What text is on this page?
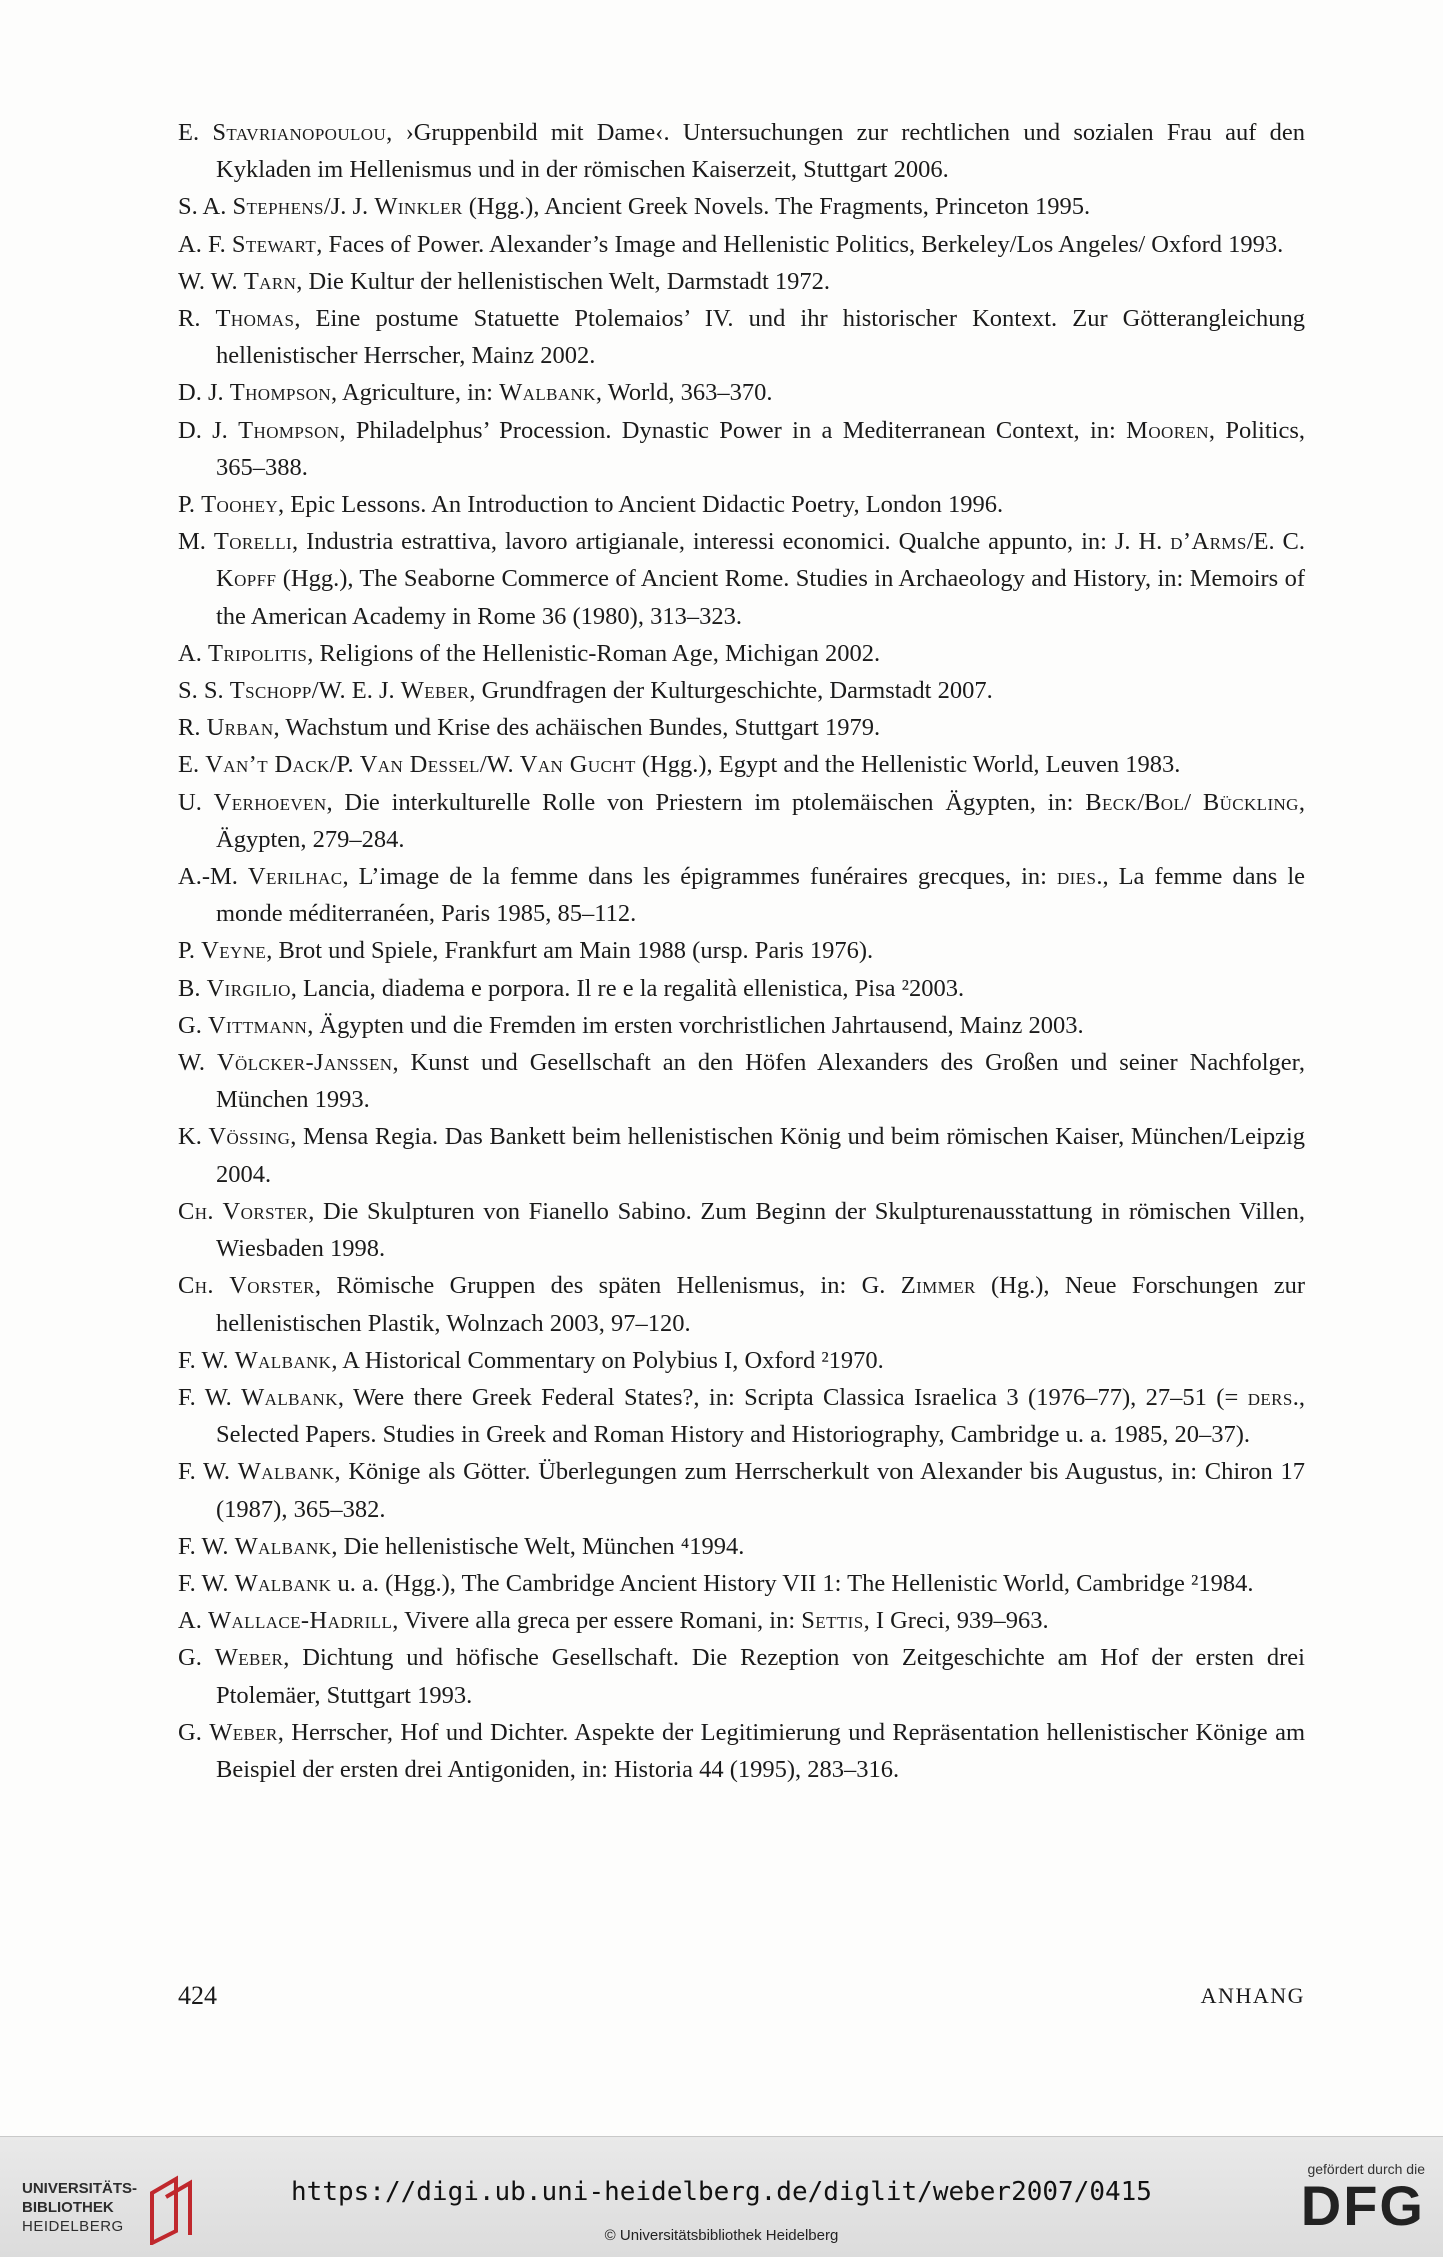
E. Stavrianopoulou, ›Gruppenbild mit Dame‹. Untersuchungen zur rechtlichen und sozialen Frau auf den Kykladen im Hellenismus und in der römischen Kaiserzeit, Stuttgart 2006.

S. A. Stephens/J. J. Winkler (Hgg.), Ancient Greek Novels. The Fragments, Princeton 1995.

A. F. Stewart, Faces of Power. Alexander’s Image and Hellenistic Politics, Berkeley/Los Angeles/ Oxford 1993.

W. W. Tarn, Die Kultur der hellenistischen Welt, Darmstadt 1972.

R. Thomas, Eine postume Statuette Ptolemaios’ IV. und ihr historischer Kontext. Zur Götterangleichung hellenistischer Herrscher, Mainz 2002.

D. J. Thompson, Agriculture, in: Walbank, World, 363–370.

D. J. Thompson, Philadelphus’ Procession. Dynastic Power in a Mediterranean Context, in: Mooren, Politics, 365–388.

P. Toohey, Epic Lessons. An Introduction to Ancient Didactic Poetry, London 1996.

M. Torelli, Industria estrattiva, lavoro artigianale, interessi economici. Qualche appunto, in: J. H. d’Arms/E. C. Kopff (Hgg.), The Seaborne Commerce of Ancient Rome. Studies in Archaeology and History, in: Memoirs of the American Academy in Rome 36 (1980), 313–323.

A. Tripolitis, Religions of the Hellenistic-Roman Age, Michigan 2002.

S. S. Tschopp/W. E. J. Weber, Grundfragen der Kulturgeschichte, Darmstadt 2007.

R. Urban, Wachstum und Krise des achäischen Bundes, Stuttgart 1979.

E. Van’t Dack/P. Van Dessel/W. Van Gucht (Hgg.), Egypt and the Hellenistic World, Leuven 1983.

U. Verhoeven, Die interkulturelle Rolle von Priestern im ptolemäischen Ägypten, in: Beck/Bol/ Bückling, Ägypten, 279–284.

A.-M. Verilhac, L’image de la femme dans les épigrammes funéraires grecques, in: dies., La femme dans le monde méditerranéen, Paris 1985, 85–112.

P. Veyne, Brot und Spiele, Frankfurt am Main 1988 (ursp. Paris 1976).

B. Virgilio, Lancia, diadema e porpora. Il re e la regalità ellenistica, Pisa ²2003.

G. Vittmann, Ägypten und die Fremden im ersten vorchristlichen Jahrtausend, Mainz 2003.

W. Völcker-Janssen, Kunst und Gesellschaft an den Höfen Alexanders des Großen und seiner Nachfolger, München 1993.

K. Vössing, Mensa Regia. Das Bankett beim hellenistischen König und beim römischen Kaiser, München/Leipzig 2004.

Ch. Vorster, Die Skulpturen von Fianello Sabino. Zum Beginn der Skulpturenausstattung in römischen Villen, Wiesbaden 1998.

Ch. Vorster, Römische Gruppen des späten Hellenismus, in: G. Zimmer (Hg.), Neue Forschungen zur hellenistischen Plastik, Wolnzach 2003, 97–120.

F. W. Walbank, A Historical Commentary on Polybius I, Oxford ²1970.

F. W. Walbank, Were there Greek Federal States?, in: Scripta Classica Israelica 3 (1976–77), 27–51 (= ders., Selected Papers. Studies in Greek and Roman History and Historiography, Cambridge u. a. 1985, 20–37).

F. W. Walbank, Könige als Götter. Überlegungen zum Herrscherkult von Alexander bis Augustus, in: Chiron 17 (1987), 365–382.

F. W. Walbank, Die hellenistische Welt, München ⁴1994.

F. W. Walbank u. a. (Hgg.), The Cambridge Ancient History VII 1: The Hellenistic World, Cambridge ²1984.

A. Wallace-Hadrill, Vivere alla greca per essere Romani, in: Settis, I Greci, 939–963.

G. Weber, Dichtung und höfische Gesellschaft. Die Rezeption von Zeitgeschichte am Hof der ersten drei Ptolemäer, Stuttgart 1993.

G. Weber, Herrscher, Hof und Dichter. Aspekte der Legitimierung und Repräsentation hellenistischer Könige am Beispiel der ersten drei Antigoniden, in: Historia 44 (1995), 283–316.

424	ANHANG
UNIVERSITÄTS-
BIBLIOTHEK
HEIDELBERG
https://digi.ub.uni-heidelberg.de/diglit/weber2007/0415
© Universitätsbibliothek Heidelberg
gefördert durch die
DFG
